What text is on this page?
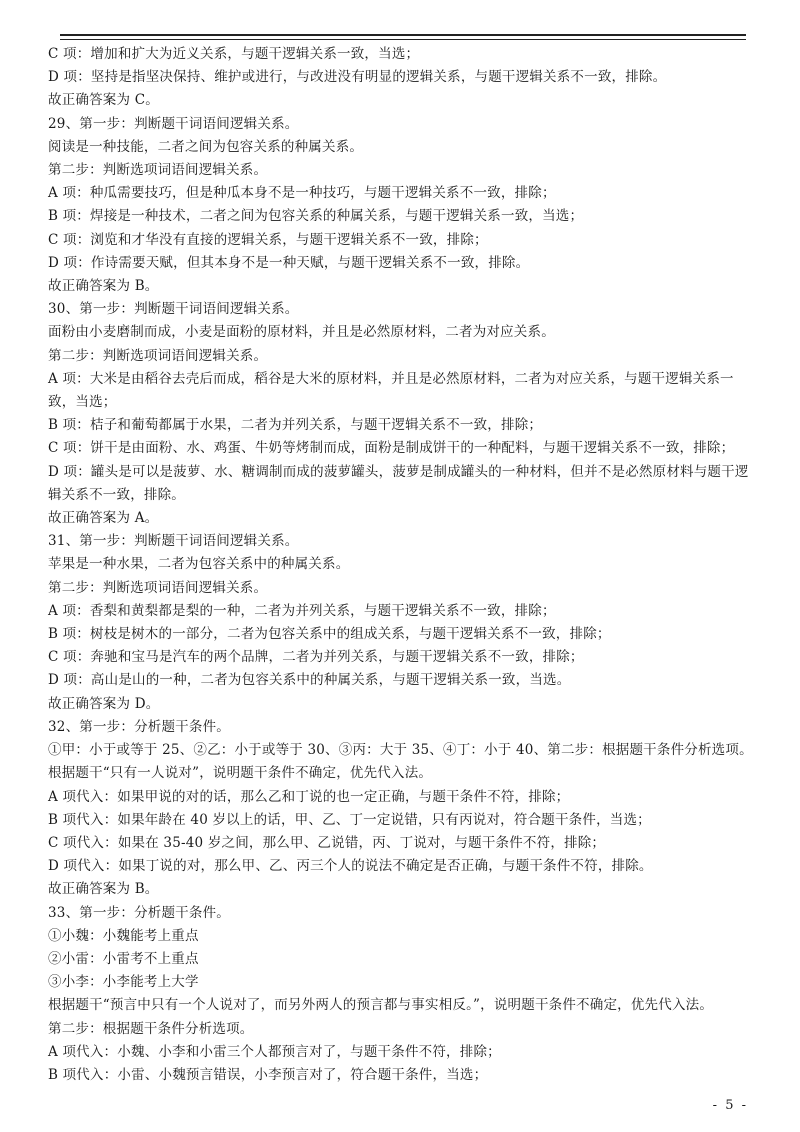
C 项：增加和扩大为近义关系，与题干逻辑关系一致，当选；
D 项：坚持是指坚决保持、维护或进行，与改进没有明显的逻辑关系，与题干逻辑关系不一致，排除。
故正确答案为 C。
29、第一步：判断题干词语间逻辑关系。
阅读是一种技能，二者之间为包容关系的种属关系。
第二步：判断选项词语间逻辑关系。
A 项：种瓜需要技巧，但是种瓜本身不是一种技巧，与题干逻辑关系不一致，排除；
B 项：焊接是一种技术，二者之间为包容关系的种属关系，与题干逻辑关系一致，当选；
C 项：浏览和才华没有直接的逻辑关系，与题干逻辑关系不一致，排除；
D 项：作诗需要天赋，但其本身不是一种天赋，与题干逻辑关系不一致，排除。
故正确答案为 B。
30、第一步：判断题干词语间逻辑关系。
面粉由小麦磨制而成，小麦是面粉的原材料，并且是必然原材料，二者为对应关系。
第二步：判断选项词语间逻辑关系。
A 项：大米是由稻谷去壳后而成，稻谷是大米的原材料，并且是必然原材料，二者为对应关系，与题干逻辑关系一致，当选；
B 项：桔子和葡萄都属于水果，二者为并列关系，与题干逻辑关系不一致，排除；
C 项：饼干是由面粉、水、鸡蛋、牛奶等烤制而成，面粉是制成饼干的一种配料，与题干逻辑关系不一致，排除；
D 项：罐头是可以是菠萝、水、糖调制而成的菠萝罐头，菠萝是制成罐头的一种材料，但并不是必然原材料与题干逻辑关系不一致，排除。
故正确答案为 A。
31、第一步：判断题干词语间逻辑关系。
苹果是一种水果，二者为包容关系中的种属关系。
第二步：判断选项词语间逻辑关系。
A 项：香梨和黄梨都是梨的一种，二者为并列关系，与题干逻辑关系不一致，排除；
B 项：树枝是树木的一部分，二者为包容关系中的组成关系，与题干逻辑关系不一致，排除；
C 项：奔驰和宝马是汽车的两个品牌，二者为并列关系，与题干逻辑关系不一致，排除；
D 项：高山是山的一种，二者为包容关系中的种属关系，与题干逻辑关系一致，当选。
故正确答案为 D。
32、第一步：分析题干条件。
①甲：小于或等于 25、②乙：小于或等于 30、③丙：大于 35、④丁：小于 40、第二步：根据题干条件分析选项。
根据题干“只有一人说对”，说明题干条件不确定，优先代入法。
A 项代入：如果甲说的对的话，那么乙和丁说的也一定正确，与题干条件不符，排除；
B 项代入：如果年龄在 40 岁以上的话，甲、乙、丁一定说错，只有丙说对，符合题干条件，当选；
C 项代入：如果在 35-40 岁之间，那么甲、乙说错，丙、丁说对，与题干条件不符，排除；
D 项代入：如果丁说的对，那么甲、乙、丙三个人的说法不确定是否正确，与题干条件不符，排除。
故正确答案为 B。
33、第一步：分析题干条件。
①小魏：小魏能考上重点
②小雷：小雷考不上重点
③小李：小李能考上大学
根据题干“预言中只有一个人说对了，而另外两人的预言都与事实相反。”，说明题干条件不确定，优先代入法。
第二步：根据题干条件分析选项。
A 项代入：小魏、小李和小雷三个人都预言对了，与题干条件不符，排除；
B 项代入：小雷、小魏预言错误，小李预言对了，符合题干条件，当选；
- 5 -
